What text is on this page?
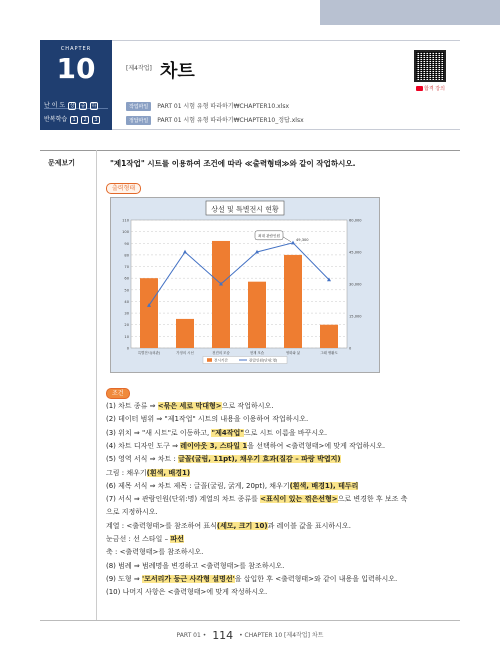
CHAPTER
10
난 이 도 상 중 하
반복학습 1 2 3
[제4작업] 차트
작업파일 PART 01 시험 유형 따라하기₩CHAPTER10.xlsx
정답파일 PART 01 시험 유형 따라하기₩CHAPTER10_정답.xlsx
합격 강의
문제보기	"제1작업" 시트를 이용하여 조건에 따라 ≪출력형태≫와 같이 작업하시오.
출력형태
상설 및 특별전시 현황
0
10
20
30
40
50
60
70
80
90
100
110
0
15,000
30,000
45,000
60,000
특별전시(외관)	가정의 시선	천진의 모습	현재 모습	영화와 삶	그때 생활도
49,300
최대 관람인원
전시기간	관람인원(단위:명)
조건
(1) 차트 종류 ⇒ <묶은 세로 막대형>으로 작업하시오.
(2) 데이터 범위 ⇒ "제1작업" 시트의 내용을 이용하여 작업하시오.
(3) 위치 ⇒ "새 시트"로 이동하고, "제4작업"으로 시트 이름을 바꾸시오.
(4) 차트 디자인 도구 ⇒ 레이아웃 3, 스타일 1을 선택하여 <출력형태>에 맞게 작업하시오.
(5) 영역 서식 ⇒ 차트 : 글꼴(굴림, 11pt), 채우기 효과(질감 – 파랑 박엽지)
그림 : 채우기(흰색, 배경1)
(6) 제목 서식 ⇒ 차트 제목 : 글꼴(굴림, 굵게, 20pt), 채우기(흰색, 배경1), 테두리
(7) 서식 ⇒ 관람인원(단위:명) 계열의 차트 종류를 <표식이 있는 꺾은선형>으로 변경한 후 보조 축
으로 지정하시오.
계열 : <출력형태>를 참조하여 표식(세모, 크기 10)과 레이블 값을 표시하시오.
눈금선 : 선 스타일 – 파선
축 : <출력형태>를 참조하시오.
(8) 범례 ⇒ 범례명을 변경하고 <출력형태>를 참조하시오.
(9) 도형 ⇒ '모서리가 둥근 사각형 설명선'을 삽입한 후 <출력형태>와 같이 내용을 입력하시오.
(10) 나머지 사항은 <출력형태>에 맞게 작성하시오.
PART 01 • 114 • CHAPTER 10 [제4작업] 차트
